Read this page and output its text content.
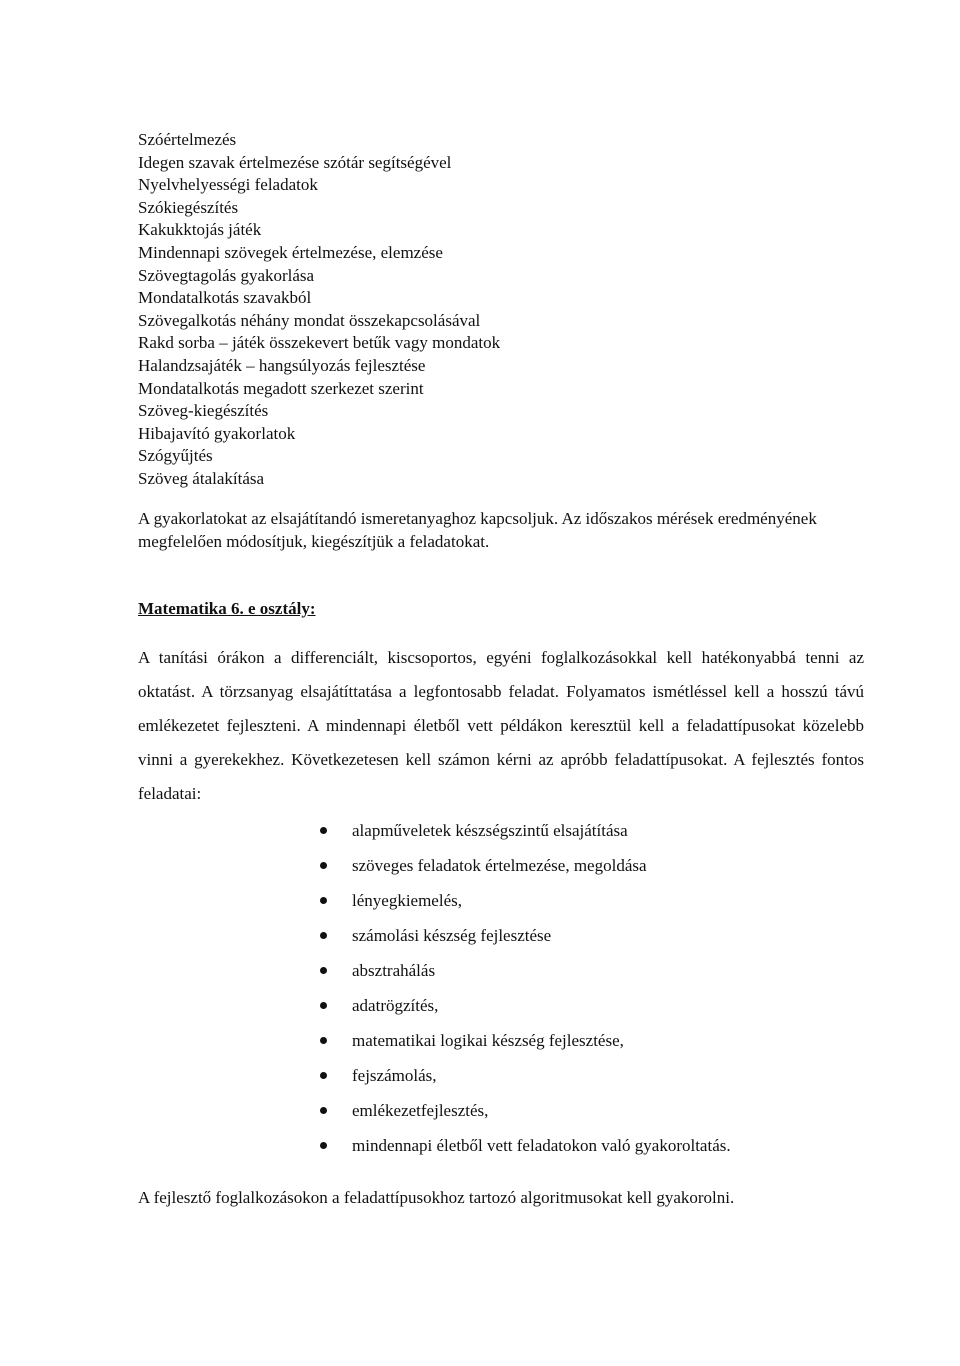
Szóértelmezés
Idegen szavak értelmezése szótár segítségével
Nyelvhelyességi feladatok
Szókiegészítés
Kakukktojás játék
Mindennapi szövegek értelmezése, elemzése
Szövegtagolás gyakorlása
Mondatalkotás szavakból
Szövegalkotás néhány mondat összekapcsolásával
Rakd sorba – játék összekevert betűk vagy mondatok
Halandzsajáték – hangsúlyozás fejlesztése
Mondatalkotás megadott szerkezet szerint
Szöveg-kiegészítés
Hibajavító gyakorlatok
Szógyűjtés
Szöveg átalakítása

A gyakorlatokat az elsajátítandó ismeretanyaghoz kapcsoljuk. Az időszakos mérések eredményének megfelelően módosítjuk, kiegészítjük a feladatokat.

Matematika 6. e osztály:

A tanítási órákon a differenciált, kiscsoportos, egyéni foglalkozásokkal kell hatékonyabbá tenni az oktatást. A törzsanyag elsajátíttatása a legfontosabb feladat. Folyamatos ismétléssel kell a hosszú távú emlékezetet fejleszteni. A mindennapi életből vett példákon keresztül kell a feladattípusokat közelebb vinni a gyerekekhez. Következetesen kell számon kérni az apróbb feladattípusokat. A fejlesztés fontos feladatai:

alapműveletek készségszintű elsajátítása
szöveges feladatok értelmezése, megoldása
lényegkiemelés,
számolási készség fejlesztése
absztrahálás
adatrögzítés,
matematikai logikai készség fejlesztése,
fejszámolás,
emlékezetfejlesztés,
mindennapi életből vett feladatokon való gyakoroltatás.

A fejlesztő foglalkozásokon a feladattípusokhoz tartozó algoritmusokat kell gyakorolni.
